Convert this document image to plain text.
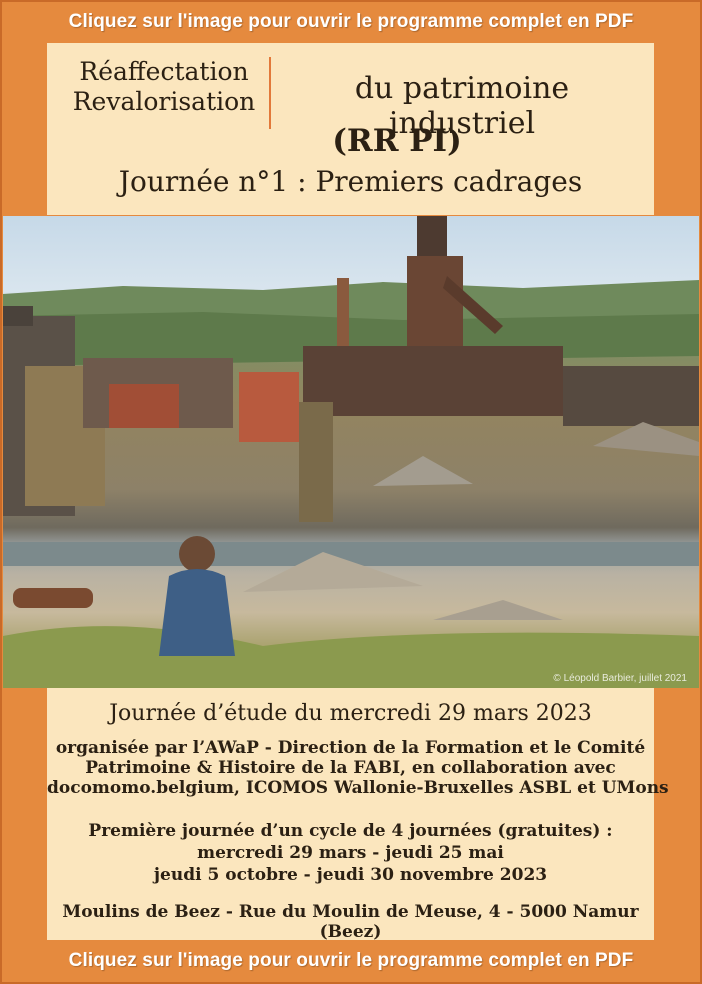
Cliquez sur l'image pour ouvrir le programme complet en PDF
Réaffectation
Revalorisation	du patrimoine industriel
(RR PI)
Journée n°1 : Premiers cadrages
© Léopold Barbier, juillet 2021
Journée d’étude du mercredi 29 mars 2023
organisée par l’AWaP - Direction de la Formation et le Comité
Patrimoine & Histoire de la FABI, en collaboration avec
docomomo.belgium, ICOMOS Wallonie-Bruxelles ASBL et UMons
Première journée d’un cycle de 4 journées (gratuites) :
mercredi 29 mars - jeudi 25 mai
jeudi 5 octobre - jeudi 30 novembre 2023
Moulins de Beez - Rue du Moulin de Meuse, 4 - 5000 Namur (Beez)
Cliquez sur l'image pour ouvrir le programme complet en PDF
